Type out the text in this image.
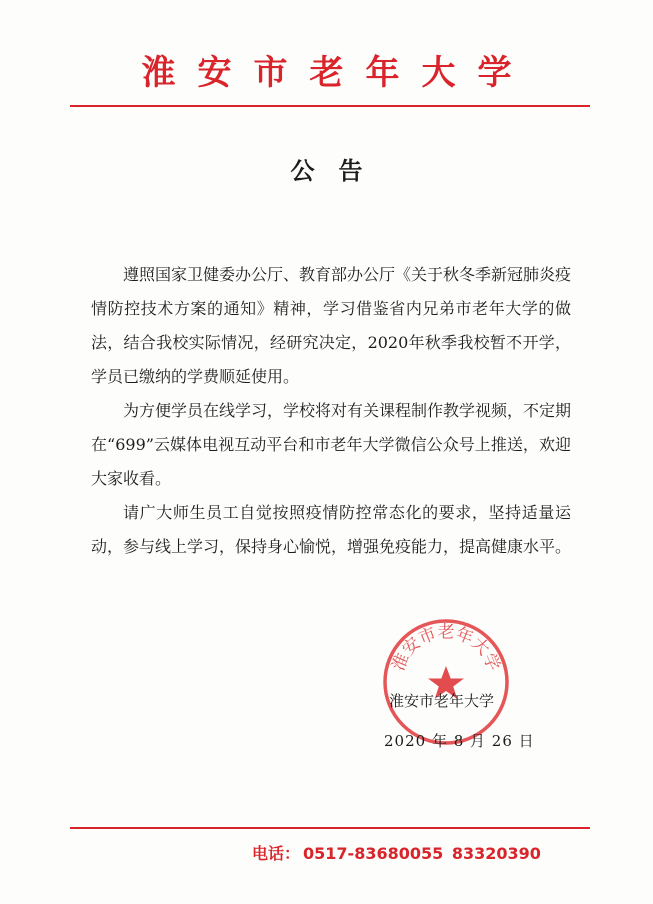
淮安市老年大学
公告

遵照国家卫健委办公厅、教育部办公厅《关于秋冬季新冠肺炎疫情防控技术方案的通知》精神，学习借鉴省内兄弟市老年大学的做法，结合我校实际情况，经研究决定，2020年秋季我校暂不开学，学员已缴纳的学费顺延使用。

为方便学员在线学习，学校将对有关课程制作教学视频，不定期在“699”云媒体电视互动平台和市老年大学微信公众号上推送，欢迎大家收看。

请广大师生员工自觉按照疫情防控常态化的要求，坚持适量运动，参与线上学习，保持身心愉悦，增强免疫能力，提高健康水平。

淮安市老年大学
淮安市老年大学
2020 年 8 月 26 日
电话： 0517-83680055 83320390
